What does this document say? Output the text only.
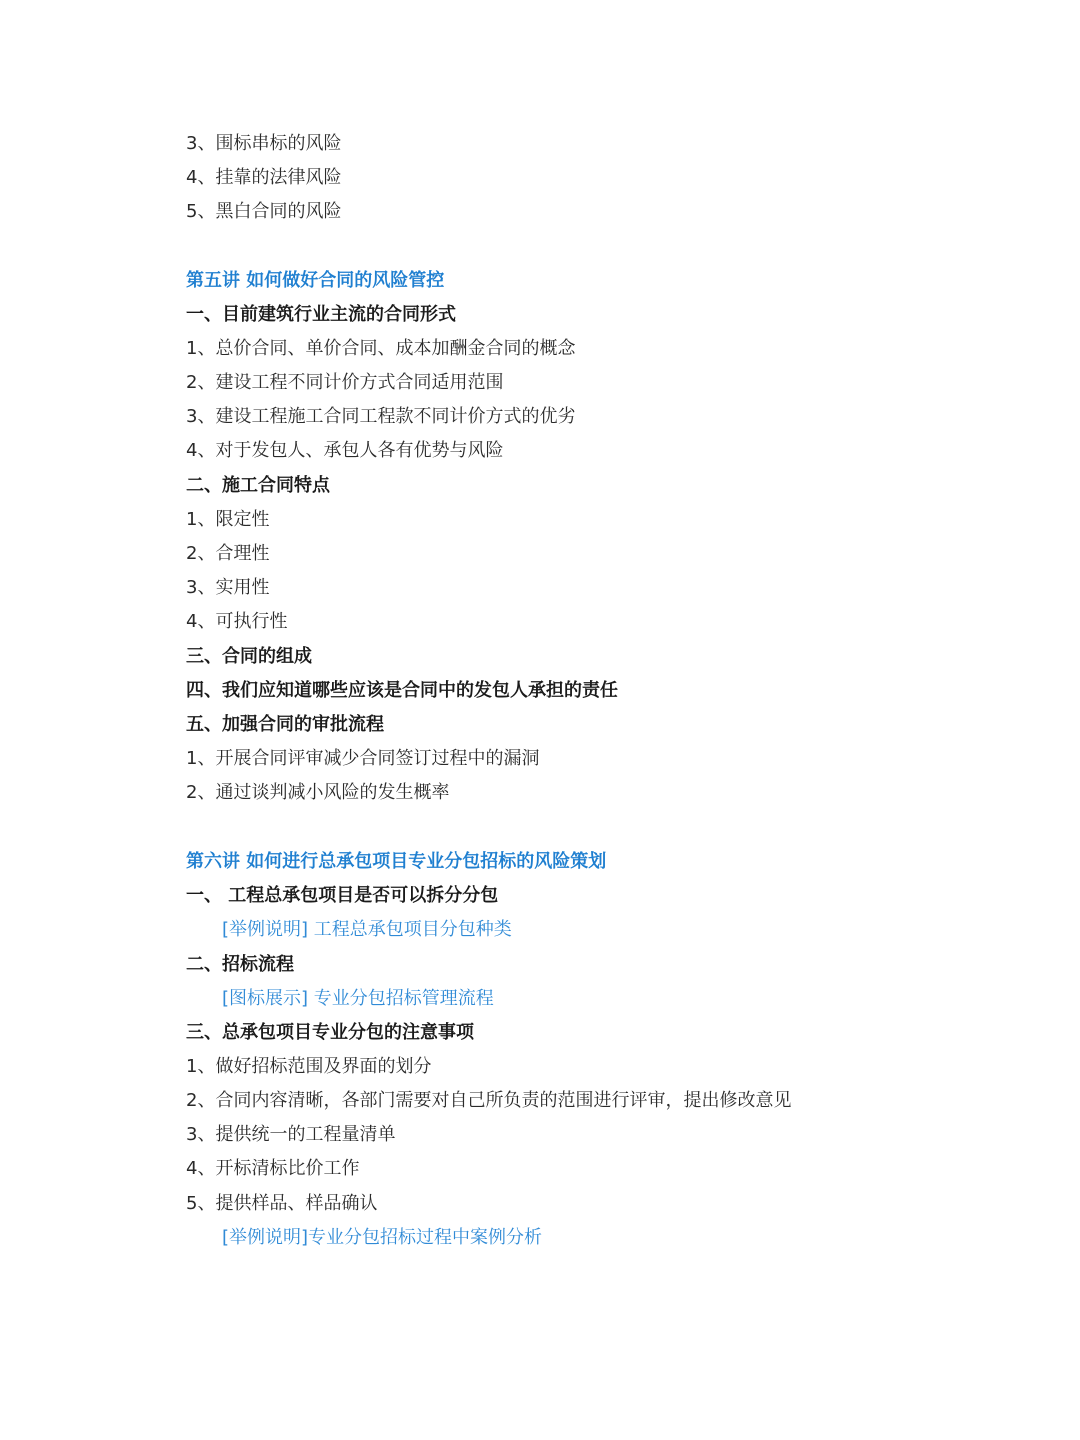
3、围标串标的风险
4、挂靠的法律风险
5、黑白合同的风险
第五讲 如何做好合同的风险管控
一、目前建筑行业主流的合同形式
1、总价合同、单价合同、成本加酬金合同的概念
2、建设工程不同计价方式合同适用范围
3、建设工程施工合同工程款不同计价方式的优劣
4、对于发包人、承包人各有优势与风险
二、施工合同特点
1、限定性
2、合理性
3、实用性
4、可执行性
三、合同的组成
四、我们应知道哪些应该是合同中的发包人承担的责任
五、加强合同的审批流程
1、开展合同评审减少合同签订过程中的漏洞
2、通过谈判减小风险的发生概率
第六讲 如何进行总承包项目专业分包招标的风险策划
一、 工程总承包项目是否可以拆分分包
[举例说明] 工程总承包项目分包种类
二、招标流程
[图标展示] 专业分包招标管理流程
三、总承包项目专业分包的注意事项
1、做好招标范围及界面的划分
2、合同内容清晰，各部门需要对自己所负责的范围进行评审，提出修改意见
3、提供统一的工程量清单
4、开标清标比价工作
5、提供样品、样品确认
[举例说明]专业分包招标过程中案例分析
